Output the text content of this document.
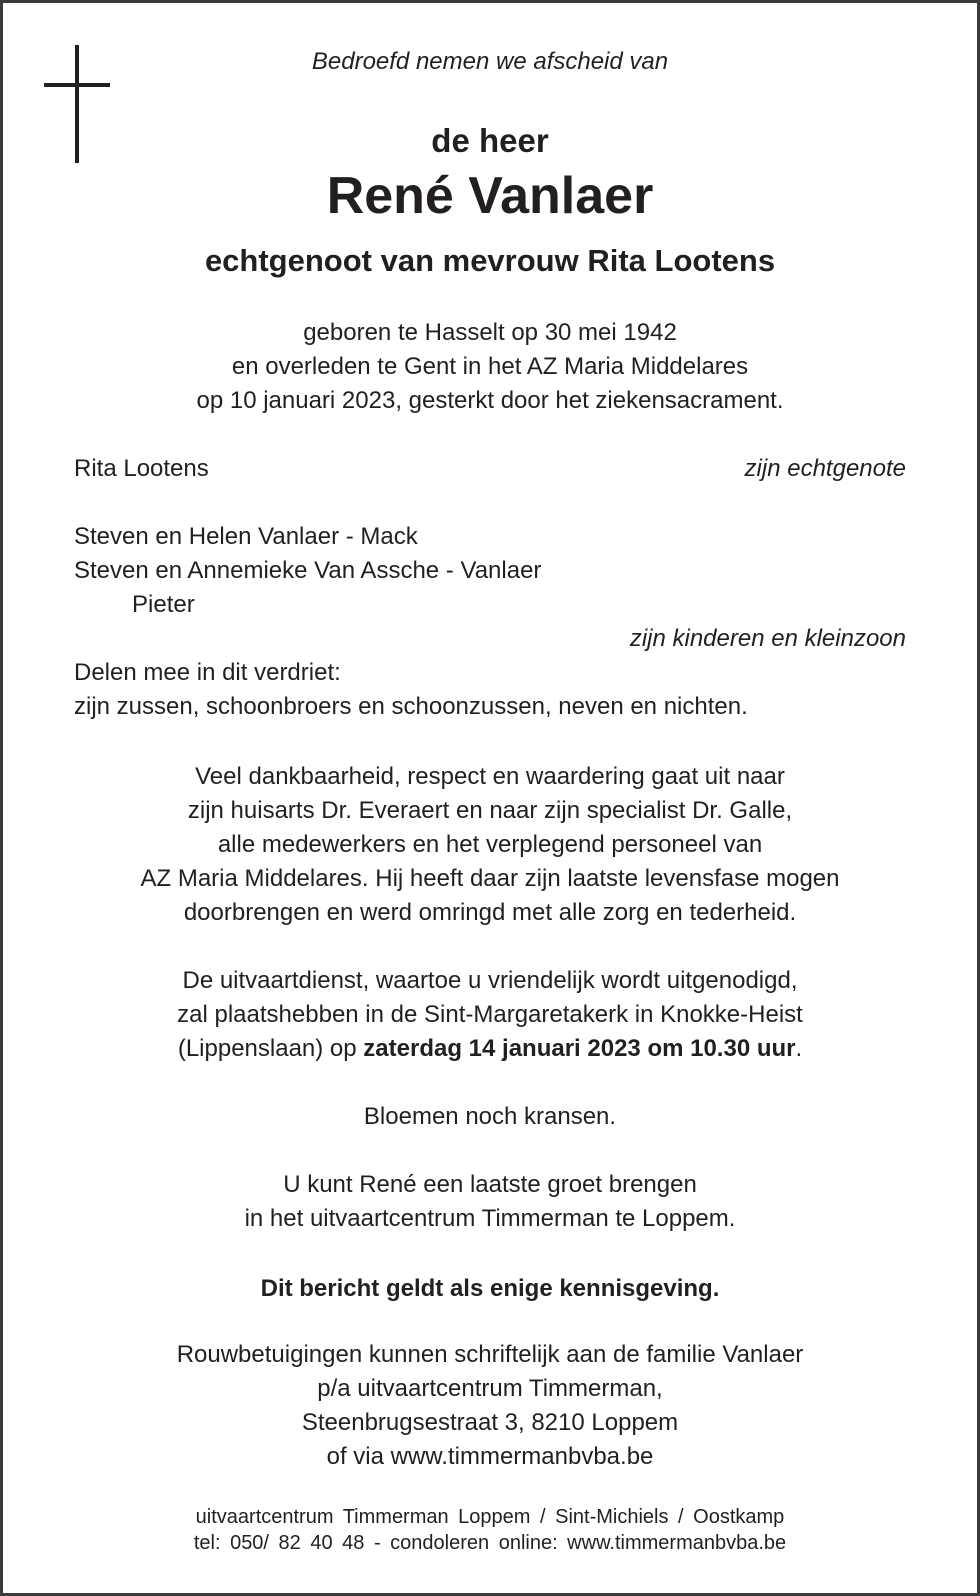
Bedroefd nemen we afscheid van
de heer
René Vanlaer
echtgenoot van mevrouw Rita Lootens
geboren te Hasselt op 30 mei 1942
en overleden te Gent in het AZ Maria Middelares
op 10 januari 2023, gesterkt door het ziekensacrament.
Rita Lootens	zijn echtgenote
Steven en Helen Vanlaer - Mack
Steven en Annemieke Van Assche - Vanlaer
Pieter
zijn kinderen en kleinzoon
Delen mee in dit verdriet:
zijn zussen, schoonbroers en schoonzussen, neven en nichten.
Veel dankbaarheid, respect en waardering gaat uit naar
zijn huisarts Dr. Everaert en naar zijn specialist Dr. Galle,
alle medewerkers en het verplegend personeel van
AZ Maria Middelares. Hij heeft daar zijn laatste levensfase mogen
doorbrengen en werd omringd met alle zorg en tederheid.
De uitvaartdienst, waartoe u vriendelijk wordt uitgenodigd,
zal plaatshebben in de Sint-Margaretakerk in Knokke-Heist
(Lippenslaan) op zaterdag 14 januari 2023 om 10.30 uur.
Bloemen noch kransen.
U kunt René een laatste groet brengen
in het uitvaartcentrum Timmerman te Loppem.
Dit bericht geldt als enige kennisgeving.
Rouwbetuigingen kunnen schriftelijk aan de familie Vanlaer
p/a uitvaartcentrum Timmerman,
Steenbrugsestraat 3, 8210 Loppem
of via www.timmermanbvba.be
uitvaartcentrum Timmerman Loppem / Sint-Michiels / Oostkamp
tel: 050/ 82 40 48 - condoleren online: www.timmermanbvba.be
